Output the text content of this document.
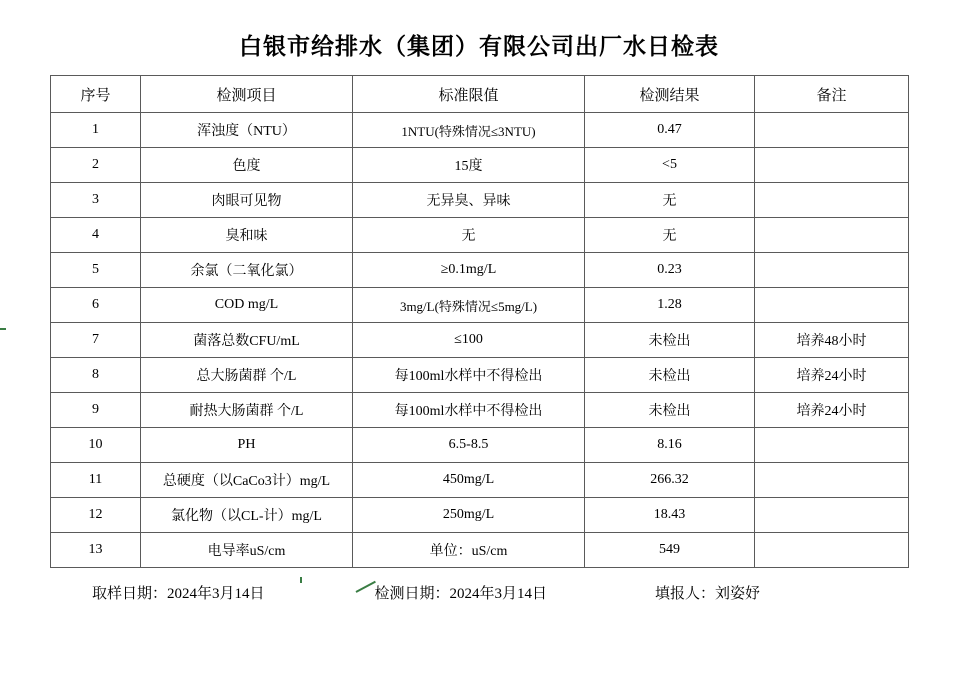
白银市给排水（集团）有限公司出厂水日检表
序号	检测项目	标准限值	检测结果	备注
1	浑浊度（NTU）	1NTU(特殊情况≤3NTU)	0.47	
2	色度	15度	<5	
3	肉眼可见物	无异臭、异味	无	
4	臭和味	无	无	
5	余氯（二氧化氯）	≥0.1mg/L	0.23	
6	COD mg/L	3mg/L(特殊情况≤5mg/L)	1.28	
7	菌落总数CFU/mL	≤100	未检出	培养48小时
8	总大肠菌群 个/L	每100ml水样中不得检出	未检出	培养24小时
9	耐热大肠菌群 个/L	每100ml水样中不得检出	未检出	培养24小时
10	PH	6.5-8.5	8.16	
11	总硬度（以CaCo3计）mg/L	450mg/L	266.32	
12	氯化物（以CL-计）mg/L	250mg/L	18.43	
13	电导率uS/cm	单位：uS/cm	549	
取样日期：2024年3月14日	检测日期：2024年3月14日	填报人：刘姿妤
